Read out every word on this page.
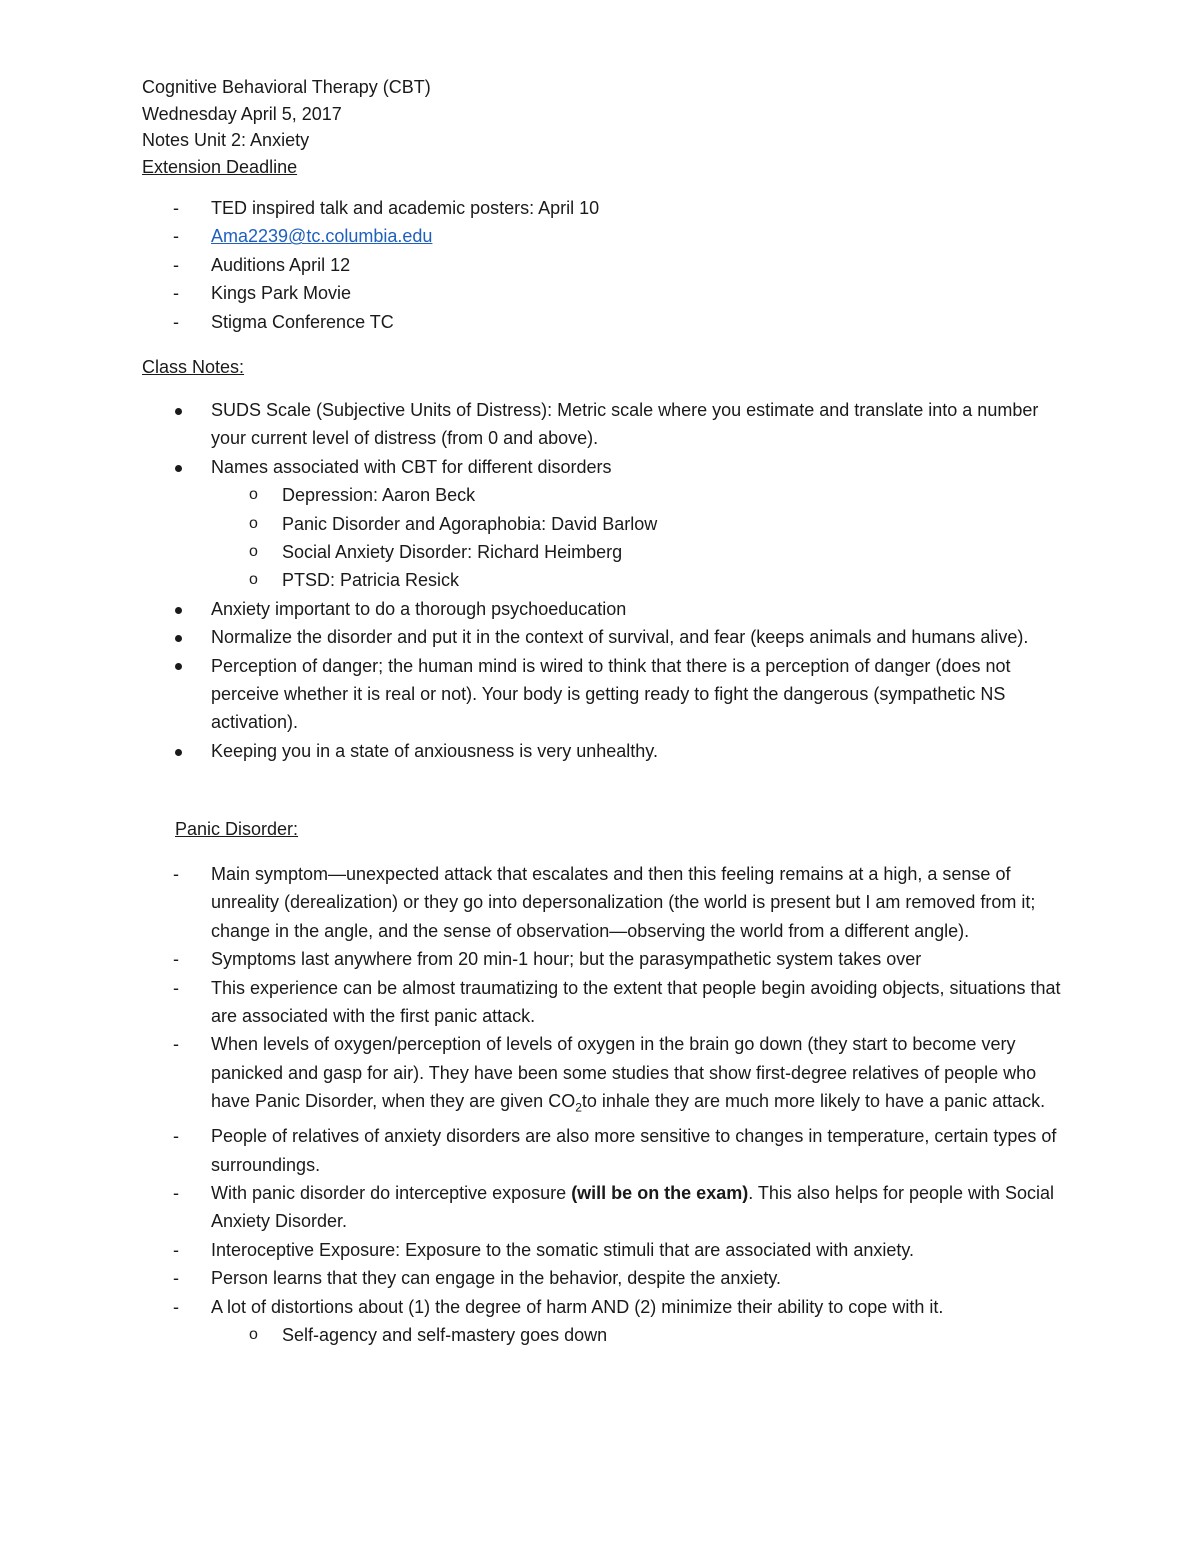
Cognitive Behavioral Therapy (CBT)
Wednesday April 5, 2017
Notes Unit 2: Anxiety
Extension Deadline
-	TED inspired talk and academic posters: April 10
-	Ama2239@tc.columbia.edu
-	Auditions April 12
-	Kings Park Movie
-	Stigma Conference TC
Class Notes:
SUDS Scale (Subjective Units of Distress): Metric scale where you estimate and translate into a number your current level of distress (from 0 and above).
Names associated with CBT for different disorders
o	Depression: Aaron Beck
o	Panic Disorder and Agoraphobia: David Barlow
o	Social Anxiety Disorder: Richard Heimberg
o	PTSD: Patricia Resick
Anxiety important to do a thorough psychoeducation
Normalize the disorder and put it in the context of survival, and fear (keeps animals and humans alive).
Perception of danger; the human mind is wired to think that there is a perception of danger (does not perceive whether it is real or not). Your body is getting ready to fight the dangerous (sympathetic NS activation).
Keeping you in a state of anxiousness is very unhealthy.
Panic Disorder:
-	Main symptom—unexpected attack that escalates and then this feeling remains at a high, a sense of unreality (derealization) or they go into depersonalization (the world is present but I am removed from it; change in the angle, and the sense of observation—observing the world from a different angle).
-	Symptoms last anywhere from 20 min-1 hour; but the parasympathetic system takes over
-	This experience can be almost traumatizing to the extent that people begin avoiding objects, situations that are associated with the first panic attack.
-	When levels of oxygen/perception of levels of oxygen in the brain go down (they start to become very panicked and gasp for air). They have been some studies that show first-degree relatives of people who have Panic Disorder, when they are given $CO_2to$ inhale they are much more likely to have a panic attack.
-	People of relatives of anxiety disorders are also more sensitive to changes in temperature, certain types of surroundings.
-	With panic disorder do interceptive exposure (will be on the exam). This also helps for people with Social Anxiety Disorder.
-	Interoceptive Exposure: Exposure to the somatic stimuli that are associated with anxiety.
-	Person learns that they can engage in the behavior, despite the anxiety.
-	A lot of distortions about (1) the degree of harm AND (2) minimize their ability to cope with it.
o	Self-agency and self-mastery goes down
